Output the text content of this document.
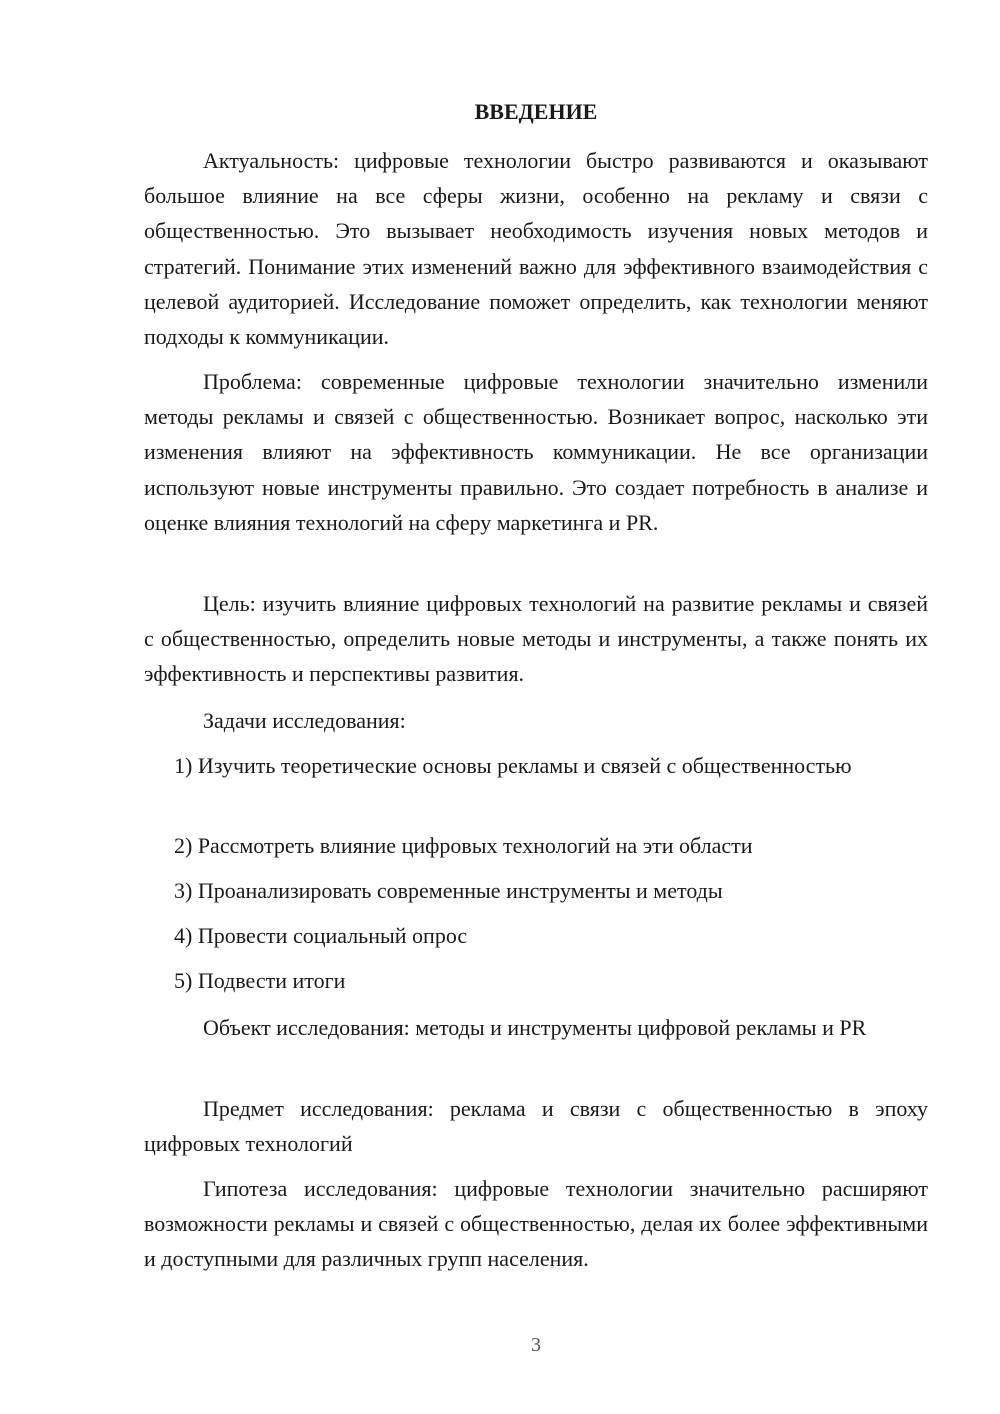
ВВЕДЕНИЕ

Актуальность: цифровые технологии быстро развиваются и оказывают большое влияние на все сферы жизни, особенно на рекламу и связи с общественностью. Это вызывает необходимость изучения новых методов и стратегий. Понимание этих изменений важно для эффективного взаимодействия с целевой аудиторией. Исследование поможет определить, как технологии меняют подходы к коммуникации.

Проблема: современные цифровые технологии значительно изменили методы рекламы и связей с общественностью. Возникает вопрос, насколько эти изменения влияют на эффективность коммуникации. Не все организации используют новые инструменты правильно. Это создает потребность в анализе и оценке влияния технологий на сферу маркетинга и PR.

Цель: изучить влияние цифровых технологий на развитие рекламы и связей с общественностью, определить новые методы и инструменты, а также понять их эффективность и перспективы развития.

Задачи исследования:

1) Изучить теоретические основы рекламы и связей с общественностью

2) Рассмотреть влияние цифровых технологий на эти области

3) Проанализировать современные инструменты и методы

4) Провести социальный опрос

5) Подвести итоги

Объект исследования: методы и инструменты цифровой рекламы и PR

Предмет исследования: реклама и связи с общественностью в эпоху цифровых технологий

Гипотеза исследования: цифровые технологии значительно расширяют возможности рекламы и связей с общественностью, делая их более эффективными и доступными для различных групп населения.

3
